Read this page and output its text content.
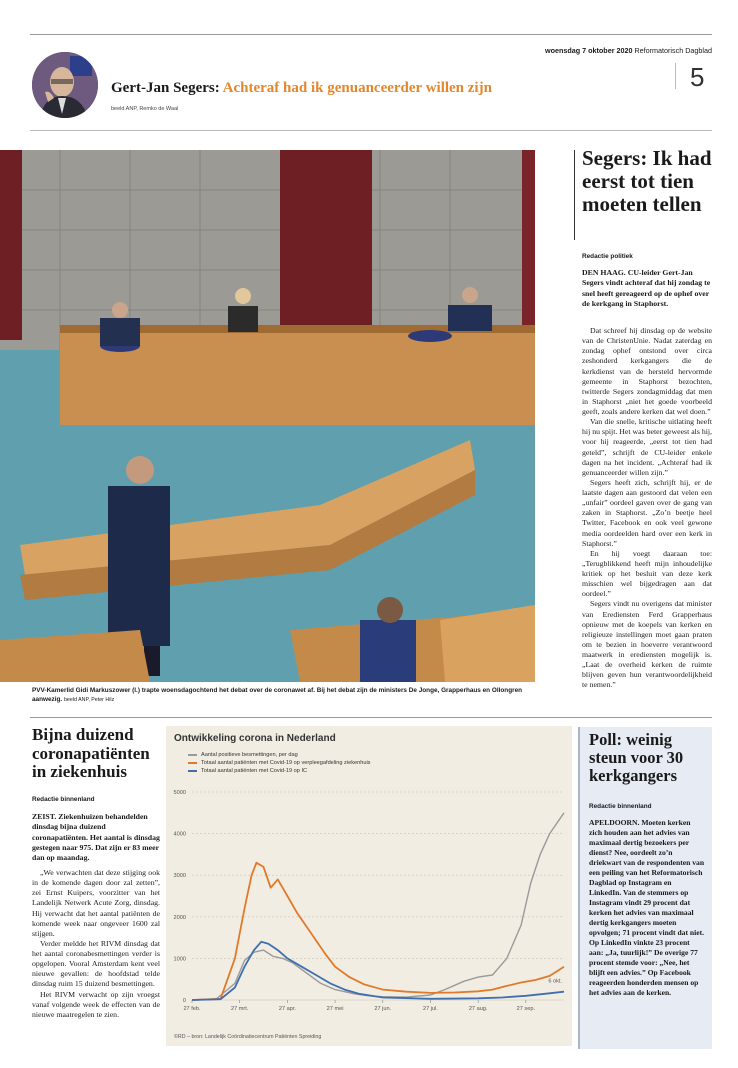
woensdag 7 oktober 2020 Reformatorisch Dagblad
5
Gert-Jan Segers: Achteraf had ik genuanceerder willen zijn
beeld ANP, Remko de Waal
PVV-Kamerlid Gidi Markuszower (l.) trapte woensdagochtend het debat over de coronawet af. Bij het debat zijn de ministers De Jonge, Grapperhaus en Ollongren aanwezig. beeld ANP, Peter Hilz
Segers: Ik had eerst tot tien moeten tellen
Redactie politiek
DEN HAAG. CU-leider Gert-Jan Segers vindt achteraf dat hij zondag te snel heeft gereageerd op de ophef over de kerkgang in Staphorst.

Dat schreef hij dinsdag op de website van de ChristenUnie. Nadat zaterdag en zondag ophef ontstond over circa zeshonderd kerkgangers die de kerkdienst van de hersteld hervormde gemeente in Staphorst bezochten, twitterde Segers zondagmiddag dat men in Staphorst „niet het goede voorbeeld geeft, zoals andere kerken dat wel doen.”

Van die snelle, kritische uitlating heeft hij nu spijt. Het was beter geweest als hij, voor hij reageerde, „eerst tot tien had geteld”, schrijft de CU-leider enkele dagen na het incident. „Achteraf had ik genuanceerder willen zijn.”

Segers heeft zich, schrijft hij, er de laatste dagen aan gestoord dat velen een „unfair” oordeel gaven over de gang van zaken in Staphorst. „Zo’n beetje heel Twitter, Facebook en ook veel gewone media oordeelden hard over een kerk in Staphorst.”

En hij voegt daaraan toe: „Terugblikkend heeft mijn inhoudelijke kritiek op het besluit van deze kerk misschien wel bijgedragen aan dat oordeel.”

Segers vindt nu overigens dat minister van Erediensten Ferd Grapperhaus opnieuw met de koepels van kerken en religieuze instellingen moet gaan praten om te bezien in hoeverre verantwoord maatwerk in erediensten mogelijk is. „Laat de overheid kerken de ruimte blijven geven hun verantwoordelijkheid te nemen.”

Bijna duizend coronapatiënten in ziekenhuis
Redactie binnenland
ZEIST. Ziekenhuizen behandelden dinsdag bijna duizend coronapatiënten. Het aantal is dinsdag gestegen naar 975. Dat zijn er 83 meer dan op maandag.

„We verwachten dat deze stijging ook in de komende dagen door zal zetten”, zei Ernst Kuipers, voorzitter van het Landelijk Netwerk Acute Zorg, dinsdag. Hij verwacht dat het aantal patiënten de komende week naar ongeveer 1600 zal stijgen.

Verder meldde het RIVM dinsdag dat het aantal coronabesmettingen verder is opgelopen. Vooral Amsterdam kent veel nieuwe gevallen: de hoofdstad telde dinsdag ruim 15 duizend besmettingen.

Het RIVM verwacht op zijn vroegst vanaf volgende week de effecten van de nieuwe maatregelen te zien.

Ontwikkeling corona in Nederland
Aantal positieve besmettingen, per dag
Totaal aantal patiënten met Covid-19 op verpleegafdeling ziekenhuis
Totaal aantal patiënten met Covid-19 op IC
0
1000
2000
3000
4000
5000
27 feb.	27 mrt.	27 apr.	27 mei	27 jun.	27 jul.	27 aug.	27 sep.
6 okt.
©RD – bron: Landelijk Coördinatiecentrum Patiënten Spreiding
Poll: weinig steun voor 30 kerkgangers
Redactie binnenland
APELDOORN. Moeten kerken zich houden aan het advies van maximaal dertig bezoekers per dienst? Nee, oordeelt zo’n driekwart van de respondenten van een peiling van het Reformatorisch Dagblad op Instagram en LinkedIn. Van de stemmers op Instagram vindt 29 procent dat kerken het advies van maximaal dertig kerkgangers moeten opvolgen; 71 procent vindt dat niet. Op LinkedIn vinkte 23 procent aan: „Ja, tuurlijk!” De overige 77 procent stemde voor: „Nee, het blijft een advies.” Op Facebook reageerden honderden mensen op het advies aan de kerken.
